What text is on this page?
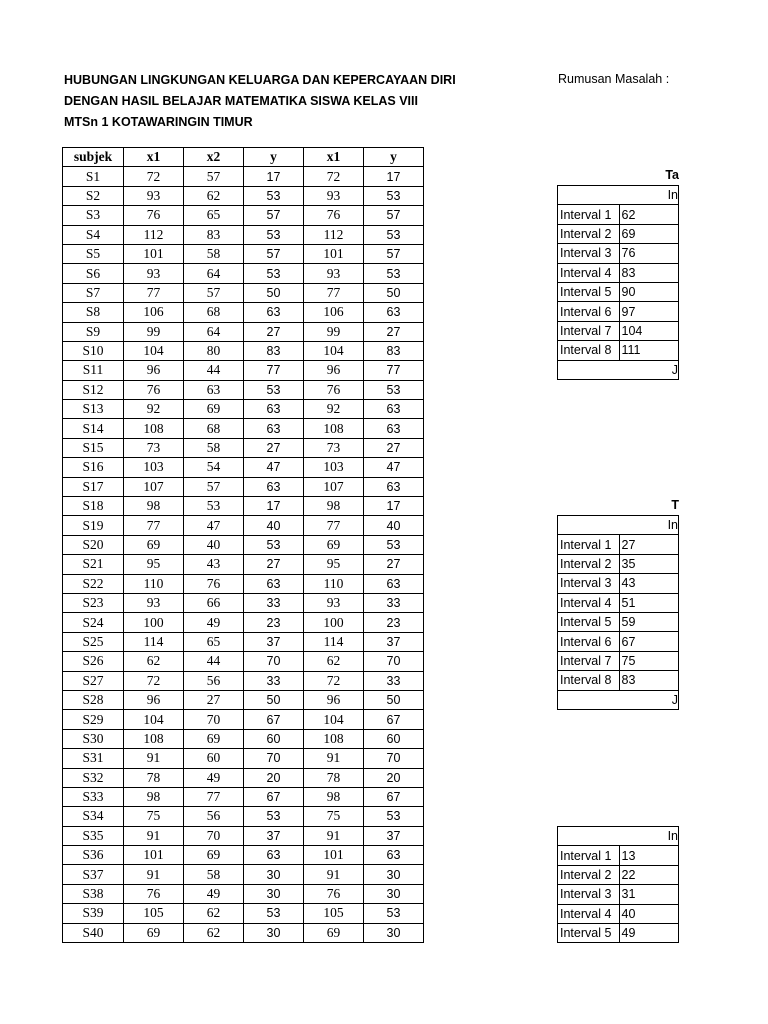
HUBUNGAN LINGKUNGAN KELUARGA DAN KEPERCAYAAN DIRI
DENGAN HASIL BELAJAR MATEMATIKA SISWA KELAS VIII
MTSn 1 KOTAWARINGIN TIMUR
Rumusan Masalah :
subjek	x1	x2	y	x1	y
S1	72	57	17	72	17
S2	93	62	53	93	53
S3	76	65	57	76	57
S4	112	83	53	112	53
S5	101	58	57	101	57
S6	93	64	53	93	53
S7	77	57	50	77	50
S8	106	68	63	106	63
S9	99	64	27	99	27
S10	104	80	83	104	83
S11	96	44	77	96	77
S12	76	63	53	76	53
S13	92	69	63	92	63
S14	108	68	63	108	63
S15	73	58	27	73	27
S16	103	54	47	103	47
S17	107	57	63	107	63
S18	98	53	17	98	17
S19	77	47	40	77	40
S20	69	40	53	69	53
S21	95	43	27	95	27
S22	110	76	63	110	63
S23	93	66	33	93	33
S24	100	49	23	100	23
S25	114	65	37	114	37
S26	62	44	70	62	70
S27	72	56	33	72	33
S28	96	27	50	96	50
S29	104	70	67	104	67
S30	108	69	60	108	60
S31	91	60	70	91	70
S32	78	49	20	78	20
S33	98	77	67	98	67
S34	75	56	53	75	53
S35	91	70	37	91	37
S36	101	69	63	101	63
S37	91	58	30	91	30
S38	76	49	30	76	30
S39	105	62	53	105	53
S40	69	62	30	69	30
Ta
In	
Interval 1	62
Interval 2	69
Interval 3	76
Interval 4	83
Interval 5	90
Interval 6	97
Interval 7	104
Interval 8	111
J	
T
In	
Interval 1	27
Interval 2	35
Interval 3	43
Interval 4	51
Interval 5	59
Interval 6	67
Interval 7	75
Interval 8	83
J	
In	
Interval 1	13
Interval 2	22
Interval 3	31
Interval 4	40
Interval 5	49
